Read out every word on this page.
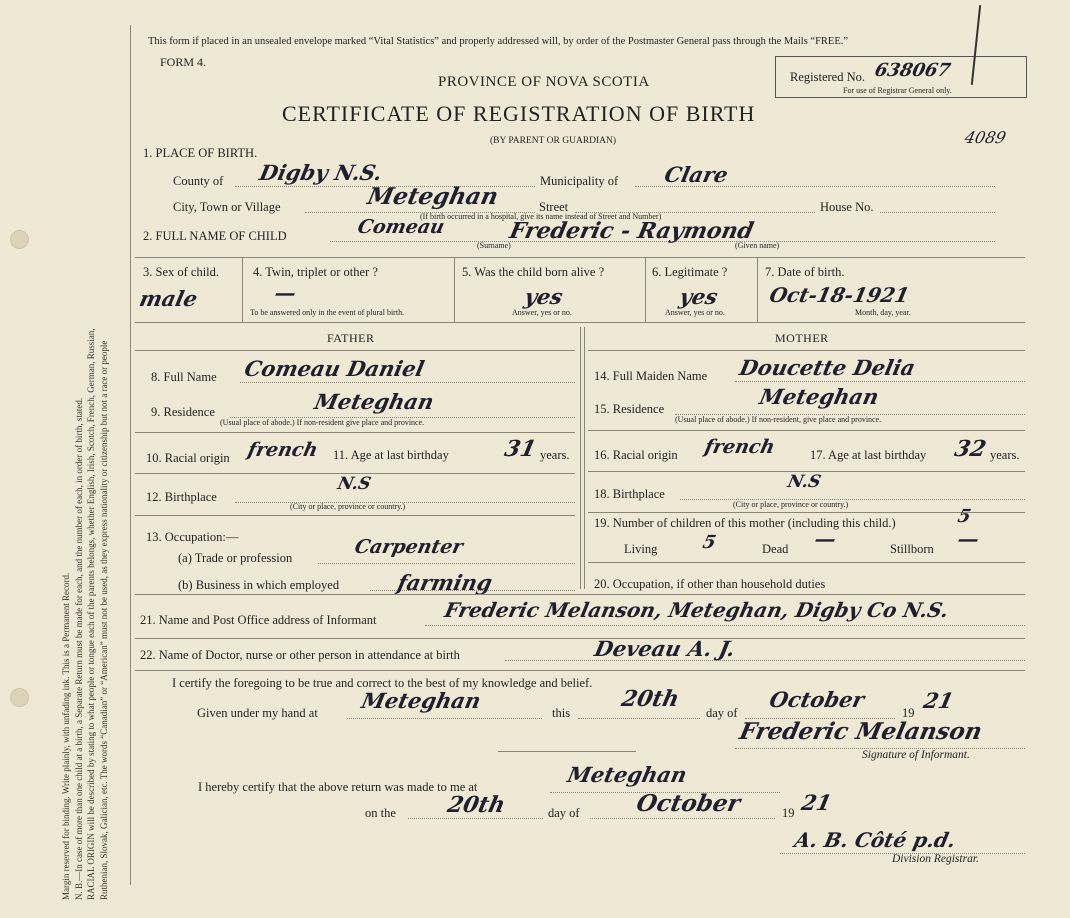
Margin reserved for binding. Write plainly, with unfading ink. This is a Permanent Record. N. B.—In case of more than one child at a birth, a Separate Return must be made for each, and the number of each, in order of birth, stated. RACIAL ORIGIN will be described by stating to what people or tongue each of the parents belongs, whether English, Irish, Scotch, French, German, Russian, Ruthenian, Slovak, Galician, etc. The words “Canadian” or “American” must not be used, as they express nationality or citizenship but not a race or people
This form if placed in an unsealed envelope marked “Vital Statistics” and properly addressed will, by order of the Postmaster General pass through the Mails “FREE.”
FORM 4.
PROVINCE OF NOVA SCOTIA
CERTIFICATE OF REGISTRATION OF BIRTH
(BY PARENT OR GUARDIAN)
Registered No. 638067
For use of Registrar General only.
4089
1. PLACE OF BIRTH.
County of Digby N.S.	Municipality of Clare
City, Town or Village	Meteghan	Street	House No.
(If birth occurred in a hospital, give its name instead of Street and Number)
2. FULL NAME OF CHILD	Comeau	Frederic - Raymond
(Surname)	(Given name)
3. Sex of child.
male
4. Twin, triplet or other ?
—
To be answered only in the event of plural birth.
5. Was the child born alive ?
yes
Answer, yes or no.
6. Legitimate ?
yes
Answer, yes or no.
7. Date of birth.
Oct-18-1921
Month, day, year.
FATHER	MOTHER
8. Full Name Comeau Daniel
9. Residence	Meteghan
(Usual place of abode.) If non-resident give place and province.
10. Racial origin french 11. Age at last birthday 31 years.
12. Birthplace
N.S
(City or place, province or country.)
13. Occupation:—
(a) Trade or profession	Carpenter
(b) Business in which employed	farming
14. Full Maiden Name Doucette Delia
15. Residence	Meteghan
(Usual place of abode.) If non-resident, give place and province.
16. Racial origin french	17. Age at last birthday 32 years.
18. Birthplace
N.S
(City or place, province or country.)
19. Number of children of this mother (including this child.)	5
Living 5	Dead —	Stillborn —
20. Occupation, if other than household duties
21. Name and Post Office address of Informant	Frederic Melanson, Meteghan, Digby Co N.S.
22. Name of Doctor, nurse or other person in attendance at birth	Deveau A. J.
I certify the foregoing to be true and correct to the best of my knowledge and belief.
Given under my hand at Meteghan	this
20th
day of
October
19 21
Frederic Melanson
Signature of Informant.
I hereby certify that the above return was made to me at	Meteghan
on the 20th	day of October	19 21
A. B. Côté p.d.
Division Registrar.
